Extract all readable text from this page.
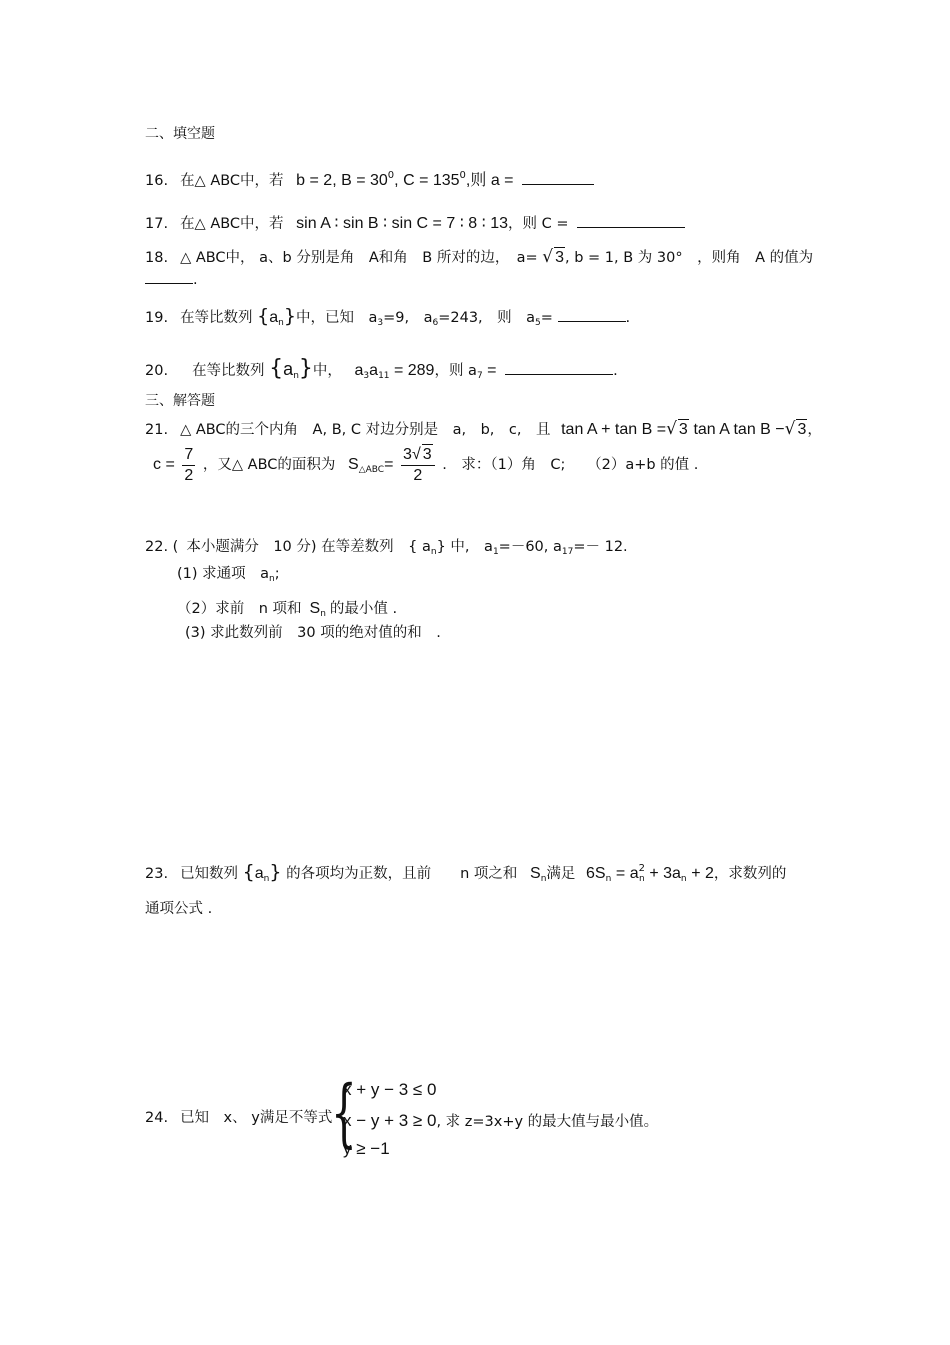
二、填空题
16. 在△ ABC中，若 b = 2, $B = 30^0$, $C = 135^0$,则 a =
17. 在△ ABC中，若 sin A ∶ sin B ∶ sin C = 7 ∶ 8 ∶ 13，则 C =
18. △ ABC中， a、b 分别是角　A和角　B 所对的边，　a= √ 3, b = 1, B 为 30°　，则角　A 的值为
.
19. 在等比数列 $\{a_n\}$中，已知　$a_3=9$,　$a_6=243$,　则　$a_5=$	.
20. 在等比数列 $\{a_n\}$中， $a_3a_{11} = 289$，则 $a_7$ =	.
三、解答题
21. △ ABC的三个内角　A, B, C 对边分别是　a,　b,　c,　且 tan A + tan B =√ 3 tan A tan B −√ 3，
$c = \frac{7}{2}$ ，又△ ABC的面积为 $S_{\triangle ABC}= \frac{3√ 3}{2}$ .　求：（1）角　C;　　（2）a+b 的值 .
22. ( 本小题满分　10 分) 在等差数列　{ $a_n$} 中,　$a_1=-60$, $a_{17}=- 12$.
(1) 求通项　$a_n$;
（2）求前　n 项和 $S_n$ 的最小值 .
(3) 求此数列前　30 项的绝对值的和　.
23. 已知数列 $\{a_n\}$ 的各项均为正数，且前　　n 项之和 $S_n$满足 $6S_n = a^2_n + 3a_n + 2$，求数列的
通项公式 .
24. 已知　x、 y满足不等式
{
x + y − 3 ≤ 0
x − y + 3 ≥ 0, 求 z=3x+y 的最大值与最小值。
y ≥ −1
